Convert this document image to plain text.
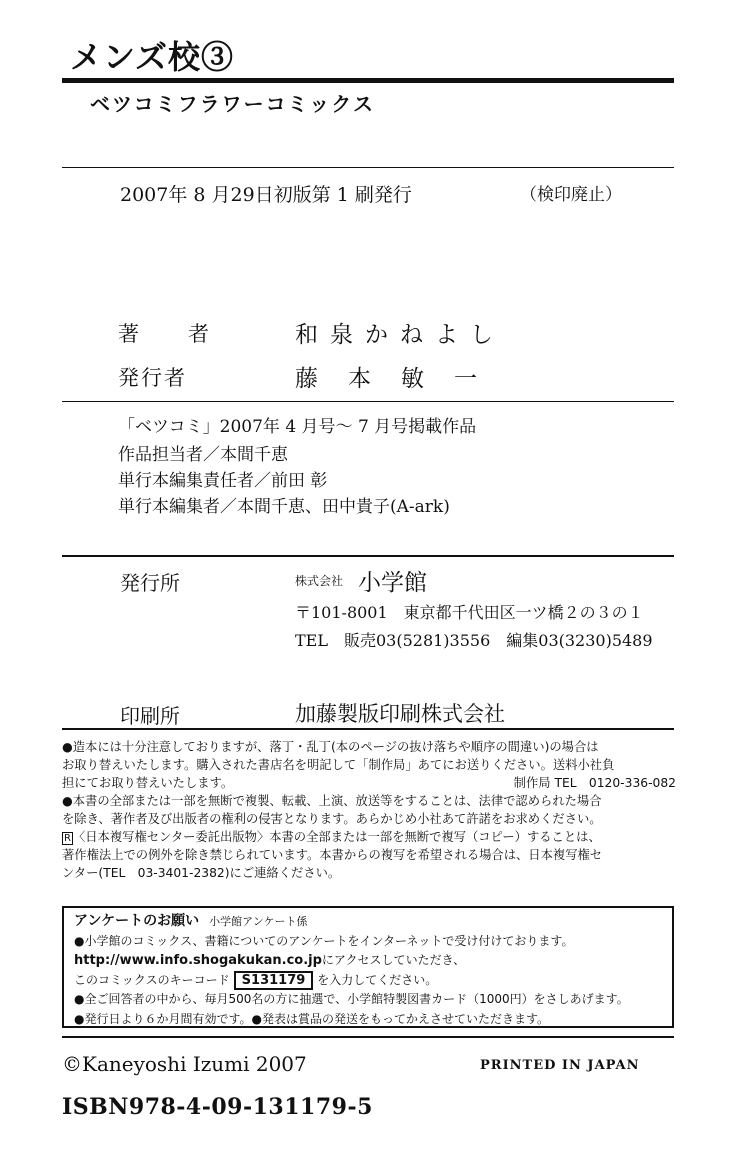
メンズ校③
ベツコミフラワーコミックス
2007年 8 月29日初版第 1 刷発行	（検印廃止）
著　者	和泉かねよし
発行者	藤本敏一
「ベツコミ」2007年 4 月号～ 7 月号掲載作品
作品担当者／本間千恵
単行本編集責任者／前田 彰
単行本編集者／本間千恵、田中貴子(A-ark)
発行所	株式会社 小学館
〒101-8001　東京都千代田区一ツ橋２の３の１
TEL　販売03(5281)3556　編集03(3230)5489
印刷所	加藤製版印刷株式会社

●造本には十分注意しておりますが、落丁・乱丁(本のページの抜け落ちや順序の間違い)の場合は

お取り替えいたします。購入された書店名を明記して「制作局」あてにお送りください。送料小社負

担にてお取り替えいたします。	制作局 TEL　0120-336-082

●本書の全部または一部を無断で複製、転載、上演、放送等をすることは、法律で認められた場合

を除き、著作者及び出版者の権利の侵害となります。あらかじめ小社あて許諾をお求めください。

R 〈日本複写権センター委託出版物〉本書の全部または一部を無断で複写（コピー）することは、

著作権法上での例外を除き禁じられています。本書からの複写を希望される場合は、日本複写権セ

ンター(TEL　03-3401-2382)にご連絡ください。

アンケートのお願い 小学館アンケート係

●小学館のコミックス、書籍についてのアンケートをインターネットで受け付けております。

http://www.info.shogakukan.co.jpにアクセスしていただき、

このコミックスのキーコード S131179 を入力してください。

●全ご回答者の中から、毎月500名の方に抽選で、小学館特製図書カード（1000円）をさしあげます。

●発行日より６か月間有効です。●発表は賞品の発送をもってかえさせていただきます。

©Kaneyoshi Izumi 2007	PRINTED IN JAPAN
ISBN978-4-09-131179-5
